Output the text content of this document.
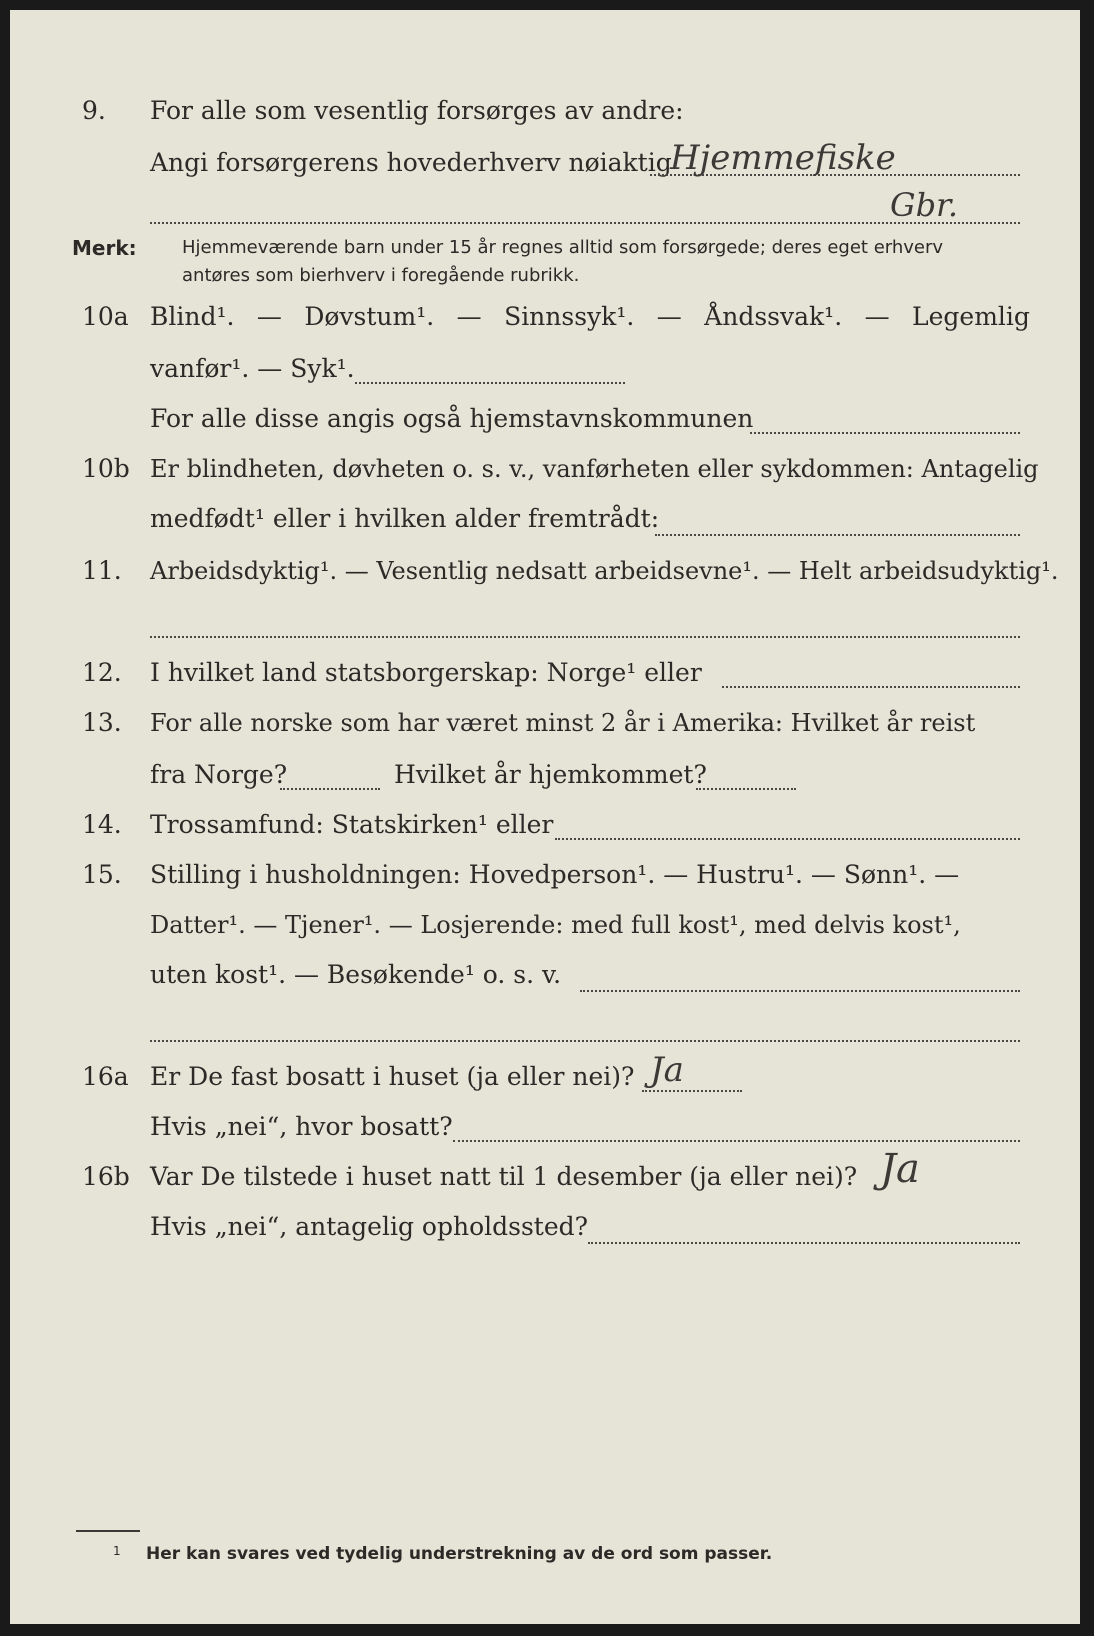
9. For alle som vesentlig forsørges av andre:
Angi forsørgerens hovederhverv nøiaktig
Hjemmefiske
Gbr.
Merk:	Hjemmeværende barn under 15 år regnes alltid som forsørgede; deres eget erhverv
antøres som bierhverv i foregående rubrikk.
10a Blind¹. — Døvstum¹. — Sinnssyk¹. — Åndssvak¹. — Legemlig
vanfør¹. — Syk¹.
For alle disse angis også hjemstavnskommunen
10b Er blindheten, døvheten o. s. v., vanførheten eller sykdommen: Antagelig
medfødt¹ eller i hvilken alder fremtrådt:
11. Arbeidsdyktig¹. — Vesentlig nedsatt arbeidsevne¹. — Helt arbeidsudyktig¹.
12. I hvilket land statsborgerskap: Norge¹ eller
13. For alle norske som har været minst 2 år i Amerika: Hvilket år reist
fra Norge?	Hvilket år hjemkommet?
14. Trossamfund: Statskirken¹ eller
15. Stilling i husholdningen: Hovedperson¹. — Hustru¹. — Sønn¹. —
Datter¹. — Tjener¹. — Losjerende: med full kost¹, med delvis kost¹,
uten kost¹. — Besøkende¹ o. s. v.
16a Er De fast bosatt i huset (ja eller nei)? Ja
Hvis „nei“, hvor bosatt?
16b Var De tilstede i huset natt til 1 desember (ja eller nei)? Ja
Hvis „nei“, antagelig opholdssted?
1 Her kan svares ved tydelig understrekning av de ord som passer.
